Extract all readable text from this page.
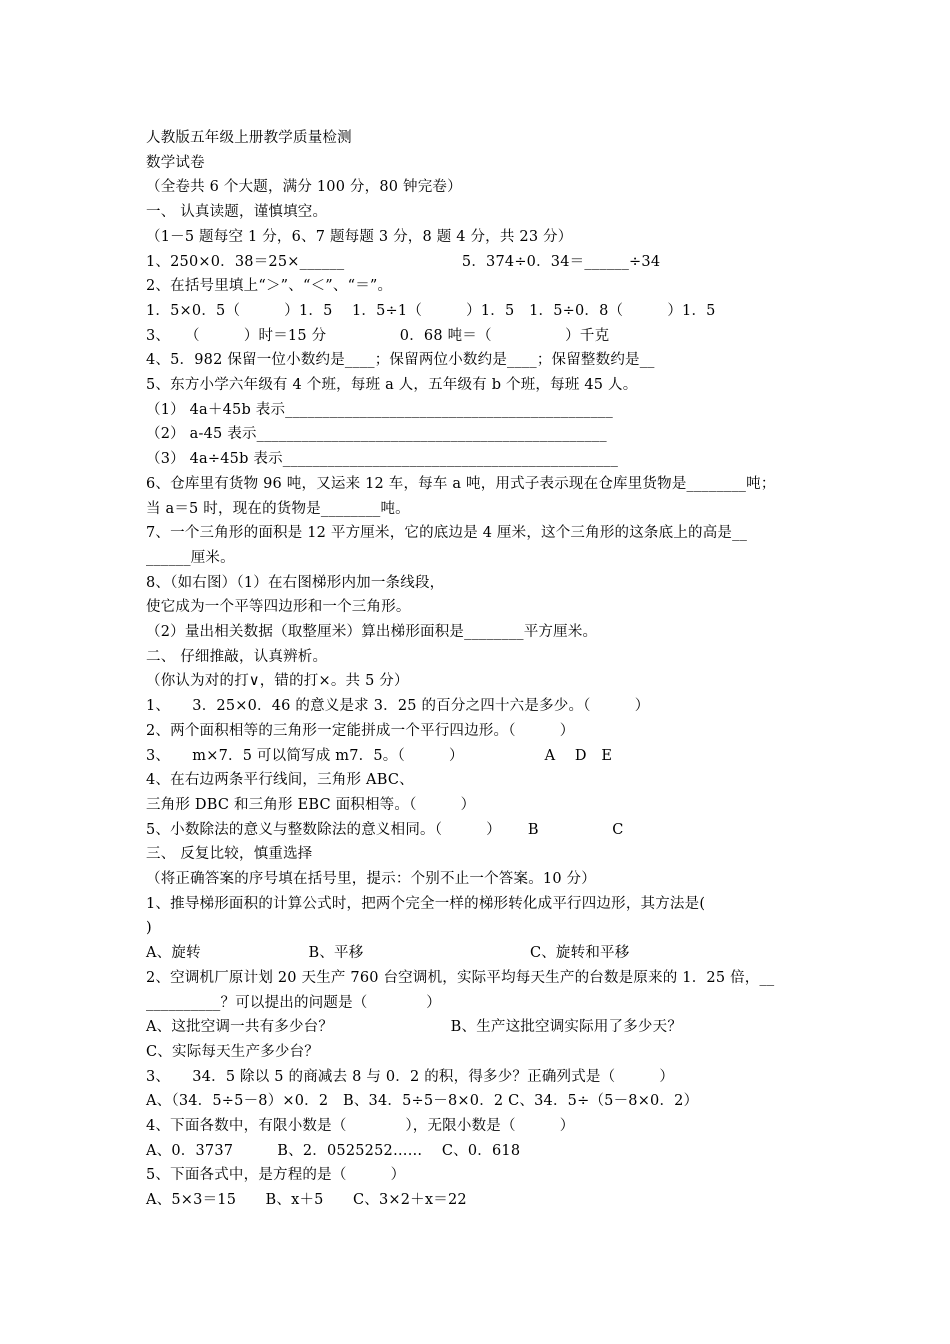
人教版五年级上册教学质量检测
数学试卷
（全卷共 6 个大题，满分 100 分，80 钟完卷）
一、 认真读题，谨慎填空。
（1－5 题每空 1 分，6、7 题每题 3 分，8 题 4 分，共 23 分）
1、250×0．38＝25×______　　　　　　　　5．374÷0．34＝______÷34
2、在括号里填上“＞”、“＜”、“＝”。
1．5×0．5（　　　）1．5　 1．5÷1（　　　）1．5　1．5÷0．8（　　　）1．5
3、　　（　　　）时＝15 分　　　　　0．68 吨＝（　　　　　）千克
4、5．982 保留一位小数约是____；保留两位小数约是____；保留整数约是__
5、东方小学六年级有 4 个班，每班 a 人，五年级有 b 个班，每班 45 人。
（1） 4a＋45b 表示____________________________________________
（2） a-45 表示_______________________________________________
（3） 4a÷45b 表示_____________________________________________
6、仓库里有货物 96 吨，又运来 12 车，每车 a 吨，用式子表示现在仓库里货物是________吨；
当 a＝5 时，现在的货物是________吨。
7、一个三角形的面积是 12 平方厘米，它的底边是 4 厘米，这个三角形的这条底上的高是__
______厘米。
8、（如右图）（1）在右图梯形内加一条线段，
使它成为一个平等四边形和一个三角形。
（2）量出相关数据（取整厘米）算出梯形面积是________平方厘米。
二、 仔细推敲，认真辨析。
（你认为对的打∨，错的打×。共 5 分）
1、　　3．25×0．46 的意义是求 3．25 的百分之四十六是多少。（　　　）
2、两个面积相等的三角形一定能拼成一个平行四边形。（　　　）
3、　　m×7．5 可以简写成 m7．5。（　　　）　　　　　　A　 D　E
4、在右边两条平行线间，三角形 ABC、
三角形 DBC 和三角形 EBC 面积相等。（　　　）
5、小数除法的意义与整数除法的意义相同。（　　　）　　 B　　　　　C
三、 反复比较，慎重选择
（将正确答案的序号填在括号里，提示：个别不止一个答案。10 分）
1、推导梯形面积的计算公式时，把两个完全一样的梯形转化成平行四边形，其方法是(
)
A、旋转　　　　　　　 B、平移　　　　　　　　　　　 C、旋转和平移
2、空调机厂原计划 20 天生产 760 台空调机，实际平均每天生产的台数是原来的 1．25 倍，__
__________？可以提出的问题是（　　　　）
A、这批空调一共有多少台？　　　　　　　　B、生产这批空调实际用了多少天？
C、实际每天生产多少台？
3、　　34．5 除以 5 的商减去 8 与 0．2 的积，得多少？正确列式是（　　　）
A、（34．5÷5－8）×0．2　B、34．5÷5－8×0．2 C、34．5÷（5－8×0．2）
4、下面各数中，有限小数是（　　　　），无限小数是（　　　）
A、0．3737　　　B、2．0525252……　 C、0．618
5、下面各式中，是方程的是（　　　）
A、5×3＝15　　B、x＋5　　C、3×2＋x＝22
